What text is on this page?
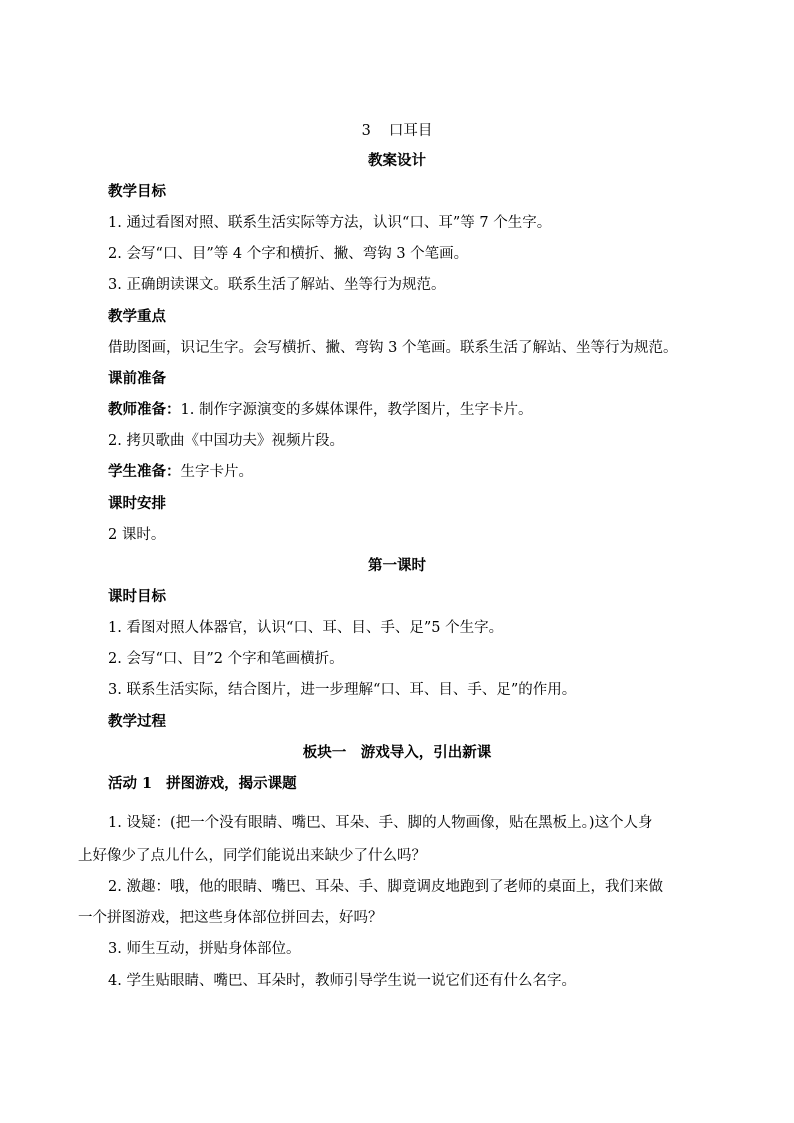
3 口耳目
教案设计
教学目标
1. 通过看图对照、联系生活实际等方法，认识“口、耳”等 7 个生字。
2. 会写“口、目”等 4 个字和横折、撇、弯钩 3 个笔画。
3. 正确朗读课文。联系生活了解站、坐等行为规范。
教学重点
借助图画，识记生字。会写横折、撇、弯钩 3 个笔画。联系生活了解站、坐等行为规范。
课前准备
教师准备：1. 制作字源演变的多媒体课件，教学图片，生字卡片。
2. 拷贝歌曲《中国功夫》视频片段。
学生准备：生字卡片。
课时安排
2 课时。
第一课时
课时目标
1. 看图对照人体器官，认识“口、耳、目、手、足”5 个生字。
2. 会写“口、目”2 个字和笔画横折。
3. 联系生活实际，结合图片，进一步理解“口、耳、目、手、足”的作用。
教学过程
板块一　游戏导入，引出新课
活动 1 拼图游戏，揭示课题
1. 设疑：(把一个没有眼睛、嘴巴、耳朵、手、脚的人物画像，贴在黑板上。)这个人身
上好像少了点儿什么，同学们能说出来缺少了什么吗？
2. 激趣：哦，他的眼睛、嘴巴、耳朵、手、脚竟调皮地跑到了老师的桌面上，我们来做
一个拼图游戏，把这些身体部位拼回去，好吗？
3. 师生互动，拼贴身体部位。
4. 学生贴眼睛、嘴巴、耳朵时，教师引导学生说一说它们还有什么名字。
